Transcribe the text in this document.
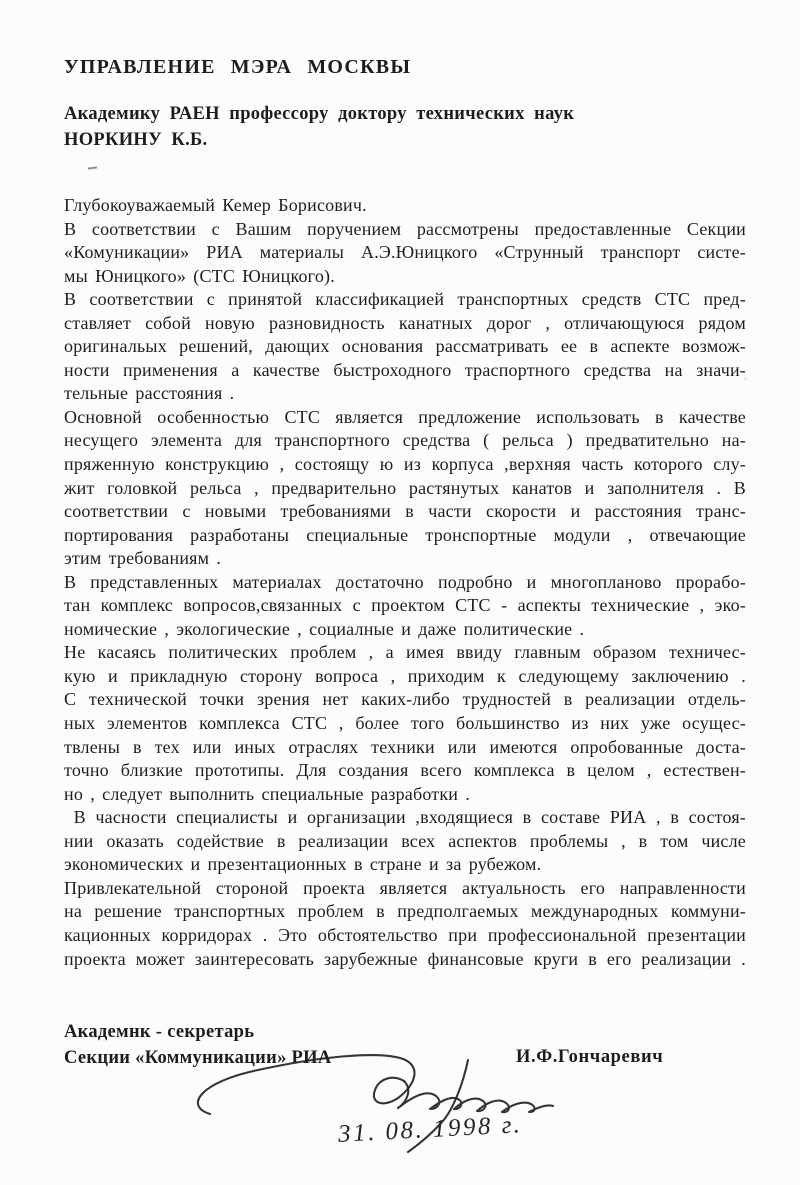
УПРАВЛЕНИЕ МЭРА МОСКВЫ
Академику РАЕН профессору доктору технических наук
НОРКИНУ К.Б.
Глубокоуважаемый Кемер Борисович.
В соответствии с Вашим поручением рассмотрены предоставленные Секции
«Комуникации» РИА материалы А.Э.Юницкого «Струнный транспорт систе-
мы Юницкого» (СТС Юницкого).
В соответствии с принятой классификацией транспортных средств СТС пред-
ставляет собой новую разновидность канатных дорог , отличающуюся рядом
оригинальых решений, дающих основания рассматривать ее в аспекте возмож-
ности применения а качестве быстроходного траспортного средства на значи-
тельные расстояния .
Основной особенностью СТС является предложение использовать в качестве
несущего элемента для транспортного средства ( рельса ) предватительно на-
пряженную конструкцию , состоящу ю из корпуса ,верхняя часть которого слу-
жит головкой рельса , предварительно растянутых канатов и заполнителя . В
соответствии с новыми требованиями в части скорости и расстояния транс-
портирования разработаны специальные тронспортные модули , отвечающие
этим требованиям .
В представленных материалах достаточно подробно и многопланово прорабо-
тан комплекс вопросов,связанных с проектом СТС - аспекты технические , эко-
номические , экологические , социалные и даже политические .
Не касаясь политических проблем , а имея ввиду главным образом техничес-
кую и прикладную сторону вопроса , приходим к следующему заключению .
С технической точки зрения нет каких-либо трудностей в реализации отдель-
ных элементов комплекса СТС , более того большинство из них уже осущес-
твлены в тех или иных отраслях техники или имеются опробованные доста-
точно близкие прототипы. Для создания всего комплекса в целом , естествен-
но , следует выполнить специальные разработки .
В часности специалисты и организации ,входящиеся в составе РИА , в состоя-
нии оказать содействие в реализации всех аспектов проблемы , в том числе
экономических и презентационных в стране и за рубежом.
Привлекательной стороной проекта является актуальность его направленности
на решение транспортных проблем в предполгаемых международных коммуни-
кационных корридорах . Это обстоятельство при профессиональной презентации
проекта может заинтересовать зарубежные финансовые круги в его реализации .
Академнк - секретарь
Секции «Коммуникации» РИА	И.Ф.Гончаревич
31. 08. 1998 г.
